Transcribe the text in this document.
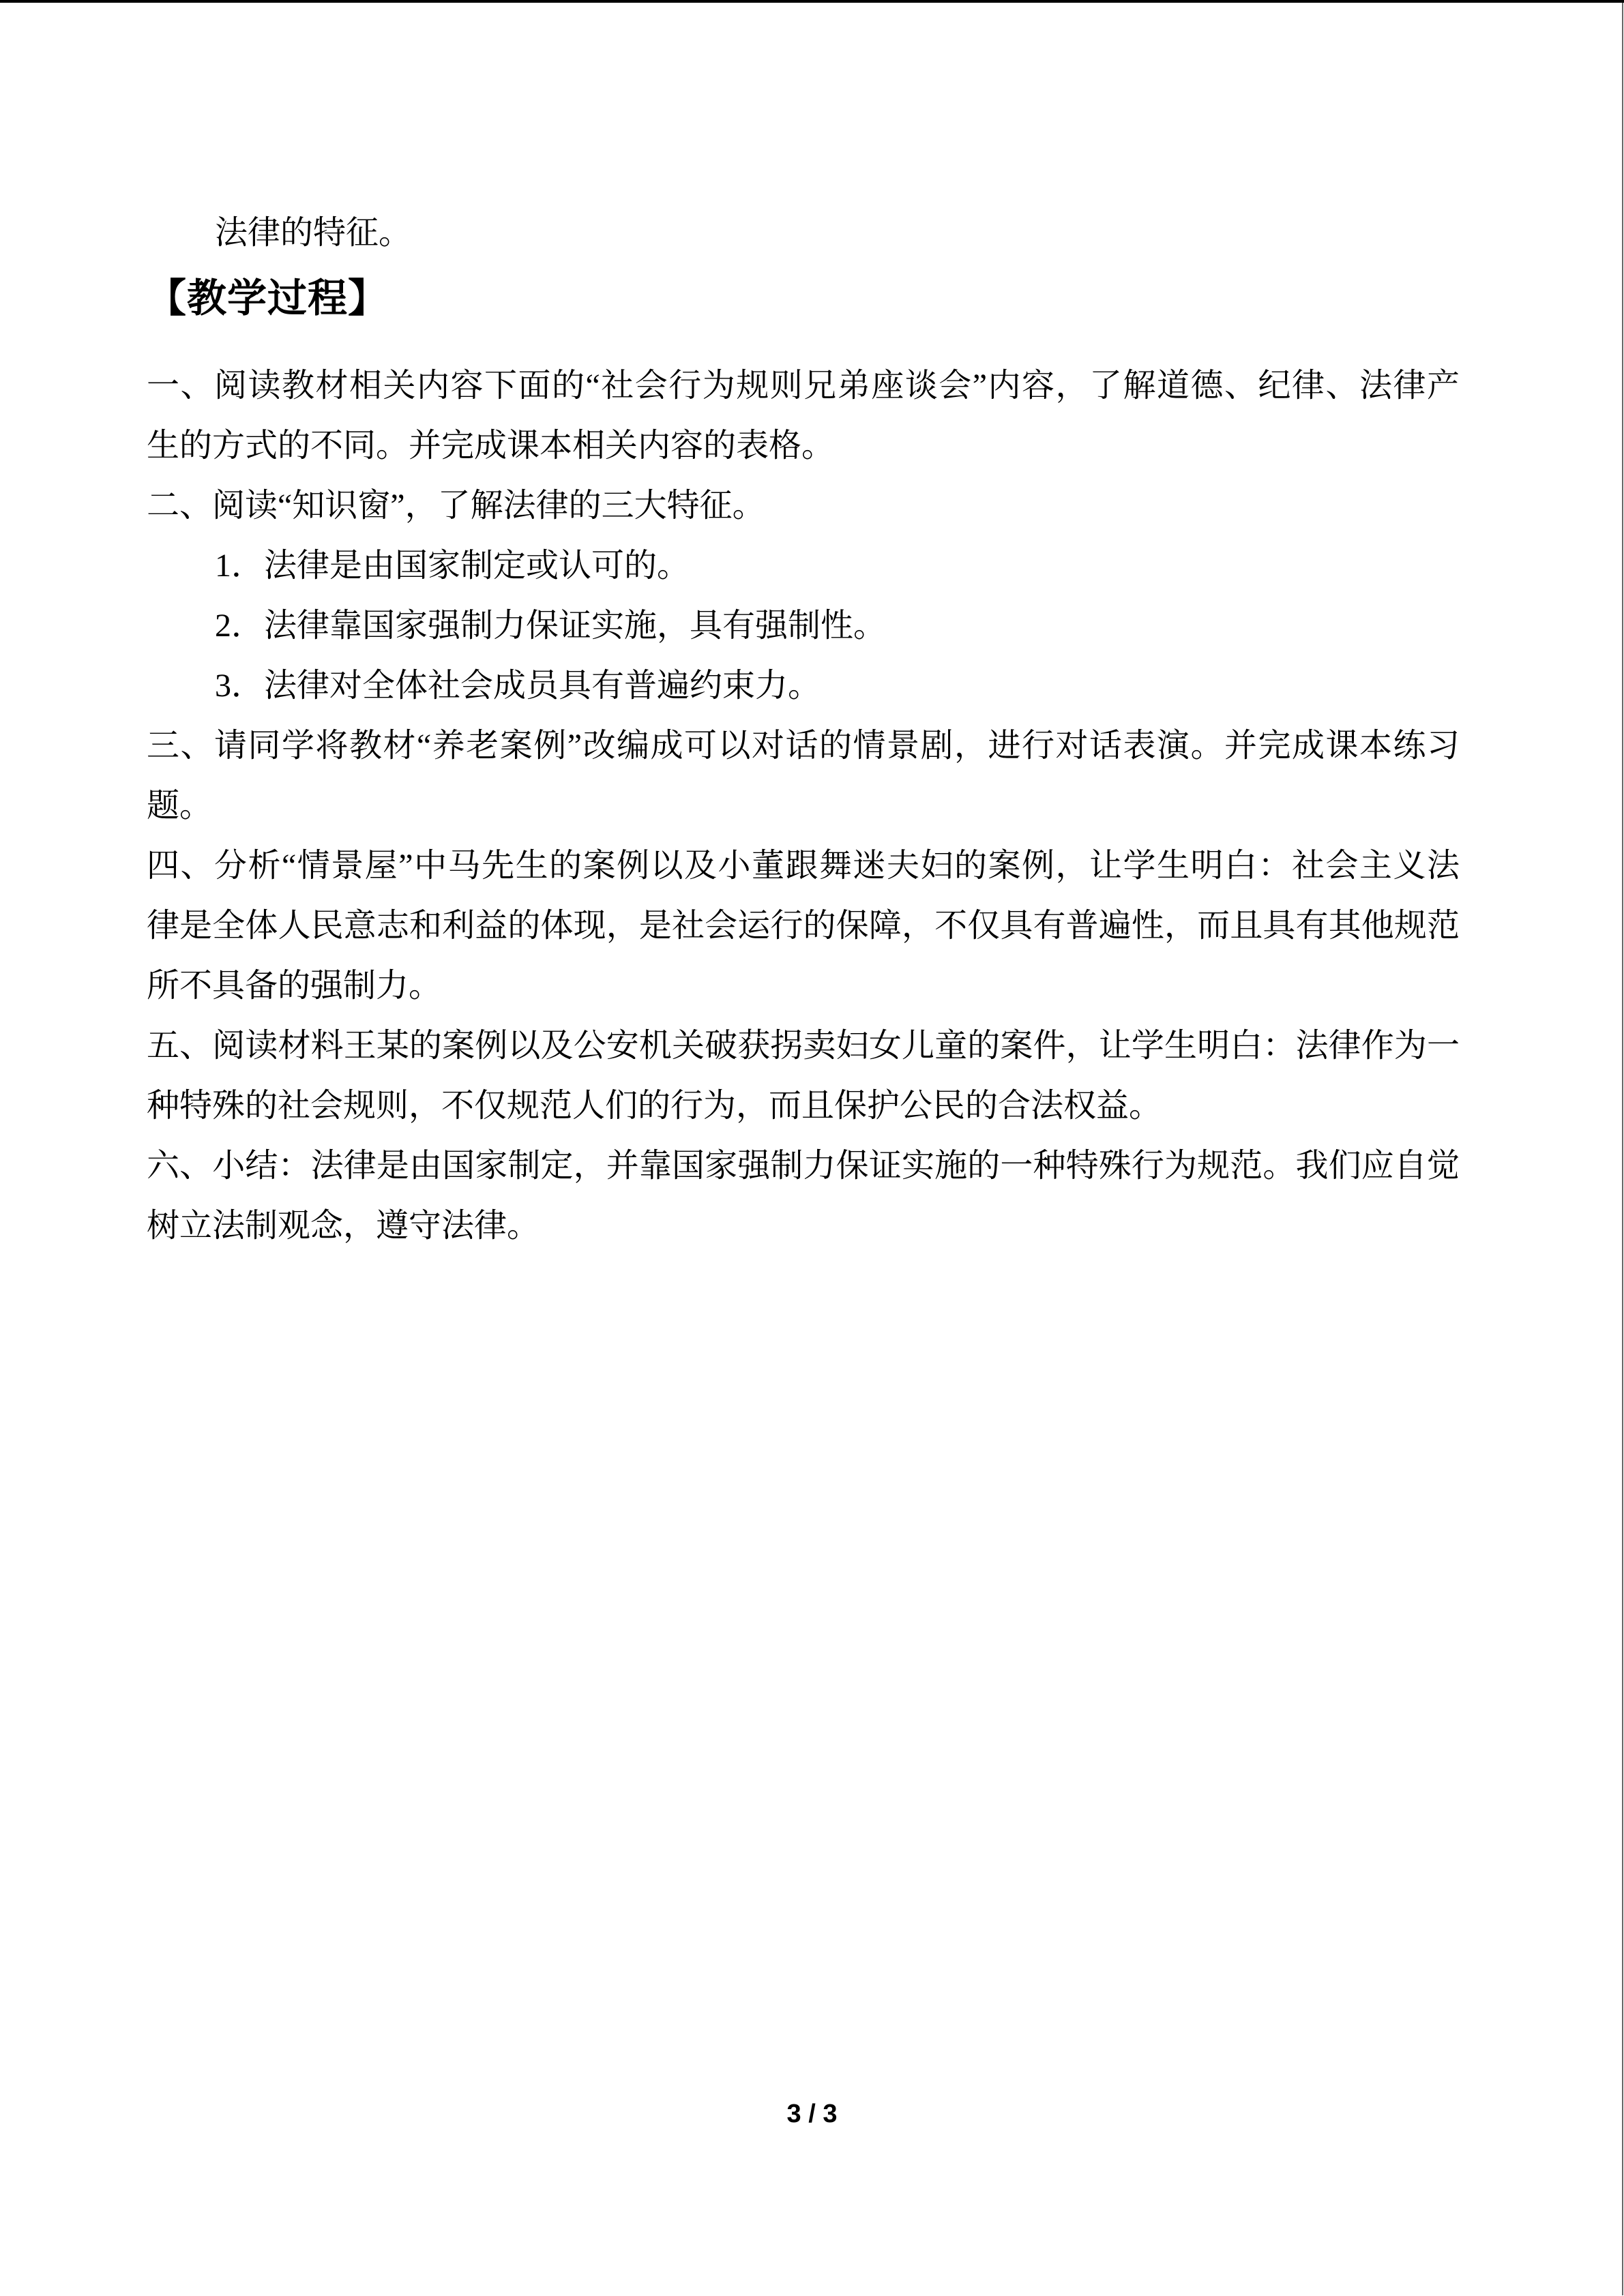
法律的特征。

【教学过程】

一、阅读教材相关内容下面的“社会行为规则兄弟座谈会”内容，了解道德、纪律、法律产

生的方式的不同。并完成课本相关内容的表格。

二、阅读“知识窗”，了解法律的三大特征。

1．法律是由国家制定或认可的。

2．法律靠国家强制力保证实施，具有强制性。

3．法律对全体社会成员具有普遍约束力。

三、请同学将教材“养老案例”改编成可以对话的情景剧，进行对话表演。并完成课本练习

题。

四、分析“情景屋”中马先生的案例以及小董跟舞迷夫妇的案例，让学生明白：社会主义法

律是全体人民意志和利益的体现，是社会运行的保障，不仅具有普遍性，而且具有其他规范

所不具备的强制力。

五、阅读材料王某的案例以及公安机关破获拐卖妇女儿童的案件，让学生明白：法律作为一

种特殊的社会规则，不仅规范人们的行为，而且保护公民的合法权益。

六、小结：法律是由国家制定，并靠国家强制力保证实施的一种特殊行为规范。我们应自觉

树立法制观念，遵守法律。

3 / 3
